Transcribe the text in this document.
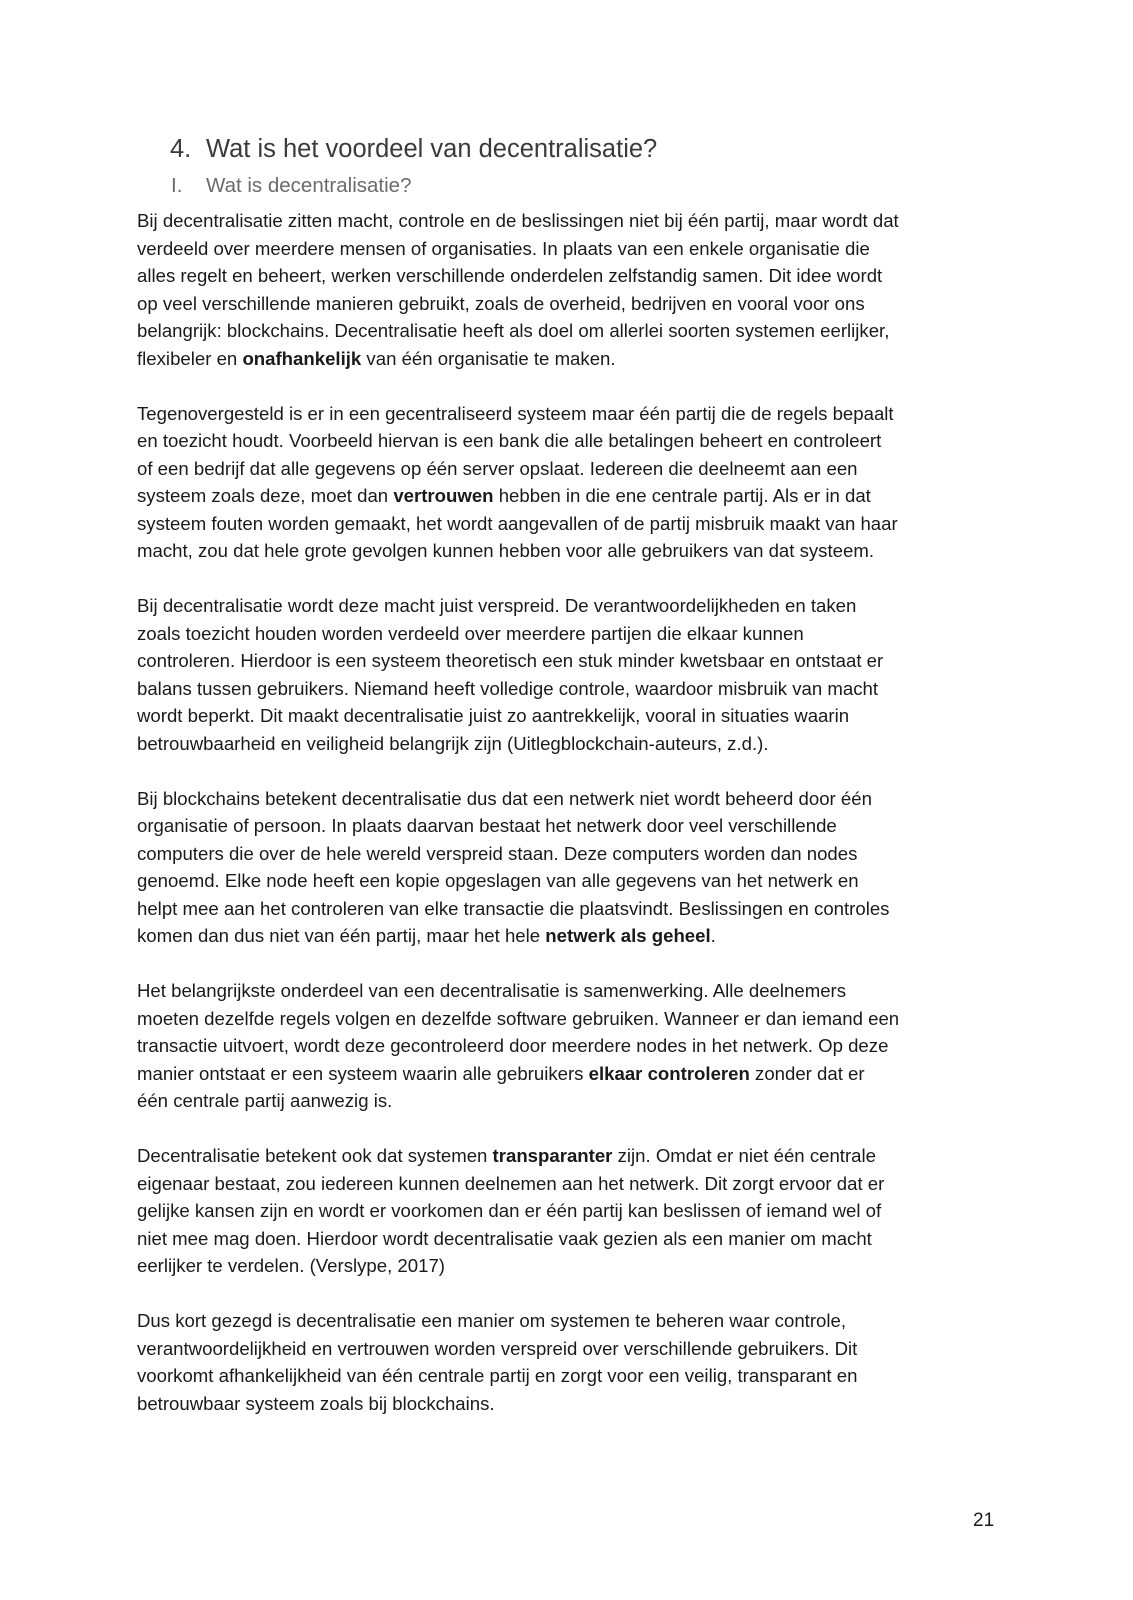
4. Wat is het voordeel van decentralisatie?
I. Wat is decentralisatie?
Bij decentralisatie zitten macht, controle en de beslissingen niet bij één partij, maar wordt dat
verdeeld over meerdere mensen of organisaties. In plaats van een enkele organisatie die
alles regelt en beheert, werken verschillende onderdelen zelfstandig samen. Dit idee wordt
op veel verschillende manieren gebruikt, zoals de overheid, bedrijven en vooral voor ons
belangrijk: blockchains. Decentralisatie heeft als doel om allerlei soorten systemen eerlijker,
flexibeler en onafhankelijk van één organisatie te maken.
Tegenovergesteld is er in een gecentraliseerd systeem maar één partij die de regels bepaalt
en toezicht houdt. Voorbeeld hiervan is een bank die alle betalingen beheert en controleert
of een bedrijf dat alle gegevens op één server opslaat. Iedereen die deelneemt aan een
systeem zoals deze, moet dan vertrouwen hebben in die ene centrale partij. Als er in dat
systeem fouten worden gemaakt, het wordt aangevallen of de partij misbruik maakt van haar
macht, zou dat hele grote gevolgen kunnen hebben voor alle gebruikers van dat systeem.
Bij decentralisatie wordt deze macht juist verspreid. De verantwoordelijkheden en taken
zoals toezicht houden worden verdeeld over meerdere partijen die elkaar kunnen
controleren. Hierdoor is een systeem theoretisch een stuk minder kwetsbaar en ontstaat er
balans tussen gebruikers. Niemand heeft volledige controle, waardoor misbruik van macht
wordt beperkt. Dit maakt decentralisatie juist zo aantrekkelijk, vooral in situaties waarin
betrouwbaarheid en veiligheid belangrijk zijn (Uitlegblockchain-auteurs, z.d.).
Bij blockchains betekent decentralisatie dus dat een netwerk niet wordt beheerd door één
organisatie of persoon. In plaats daarvan bestaat het netwerk door veel verschillende
computers die over de hele wereld verspreid staan. Deze computers worden dan nodes
genoemd. Elke node heeft een kopie opgeslagen van alle gegevens van het netwerk en
helpt mee aan het controleren van elke transactie die plaatsvindt. Beslissingen en controles
komen dan dus niet van één partij, maar het hele netwerk als geheel.
Het belangrijkste onderdeel van een decentralisatie is samenwerking. Alle deelnemers
moeten dezelfde regels volgen en dezelfde software gebruiken. Wanneer er dan iemand een
transactie uitvoert, wordt deze gecontroleerd door meerdere nodes in het netwerk. Op deze
manier ontstaat er een systeem waarin alle gebruikers elkaar controleren zonder dat er
één centrale partij aanwezig is.
Decentralisatie betekent ook dat systemen transparanter zijn. Omdat er niet één centrale
eigenaar bestaat, zou iedereen kunnen deelnemen aan het netwerk. Dit zorgt ervoor dat er
gelijke kansen zijn en wordt er voorkomen dan er één partij kan beslissen of iemand wel of
niet mee mag doen. Hierdoor wordt decentralisatie vaak gezien als een manier om macht
eerlijker te verdelen. (Verslype, 2017)
Dus kort gezegd is decentralisatie een manier om systemen te beheren waar controle,
verantwoordelijkheid en vertrouwen worden verspreid over verschillende gebruikers. Dit
voorkomt afhankelijkheid van één centrale partij en zorgt voor een veilig, transparant en
betrouwbaar systeem zoals bij blockchains.
21
